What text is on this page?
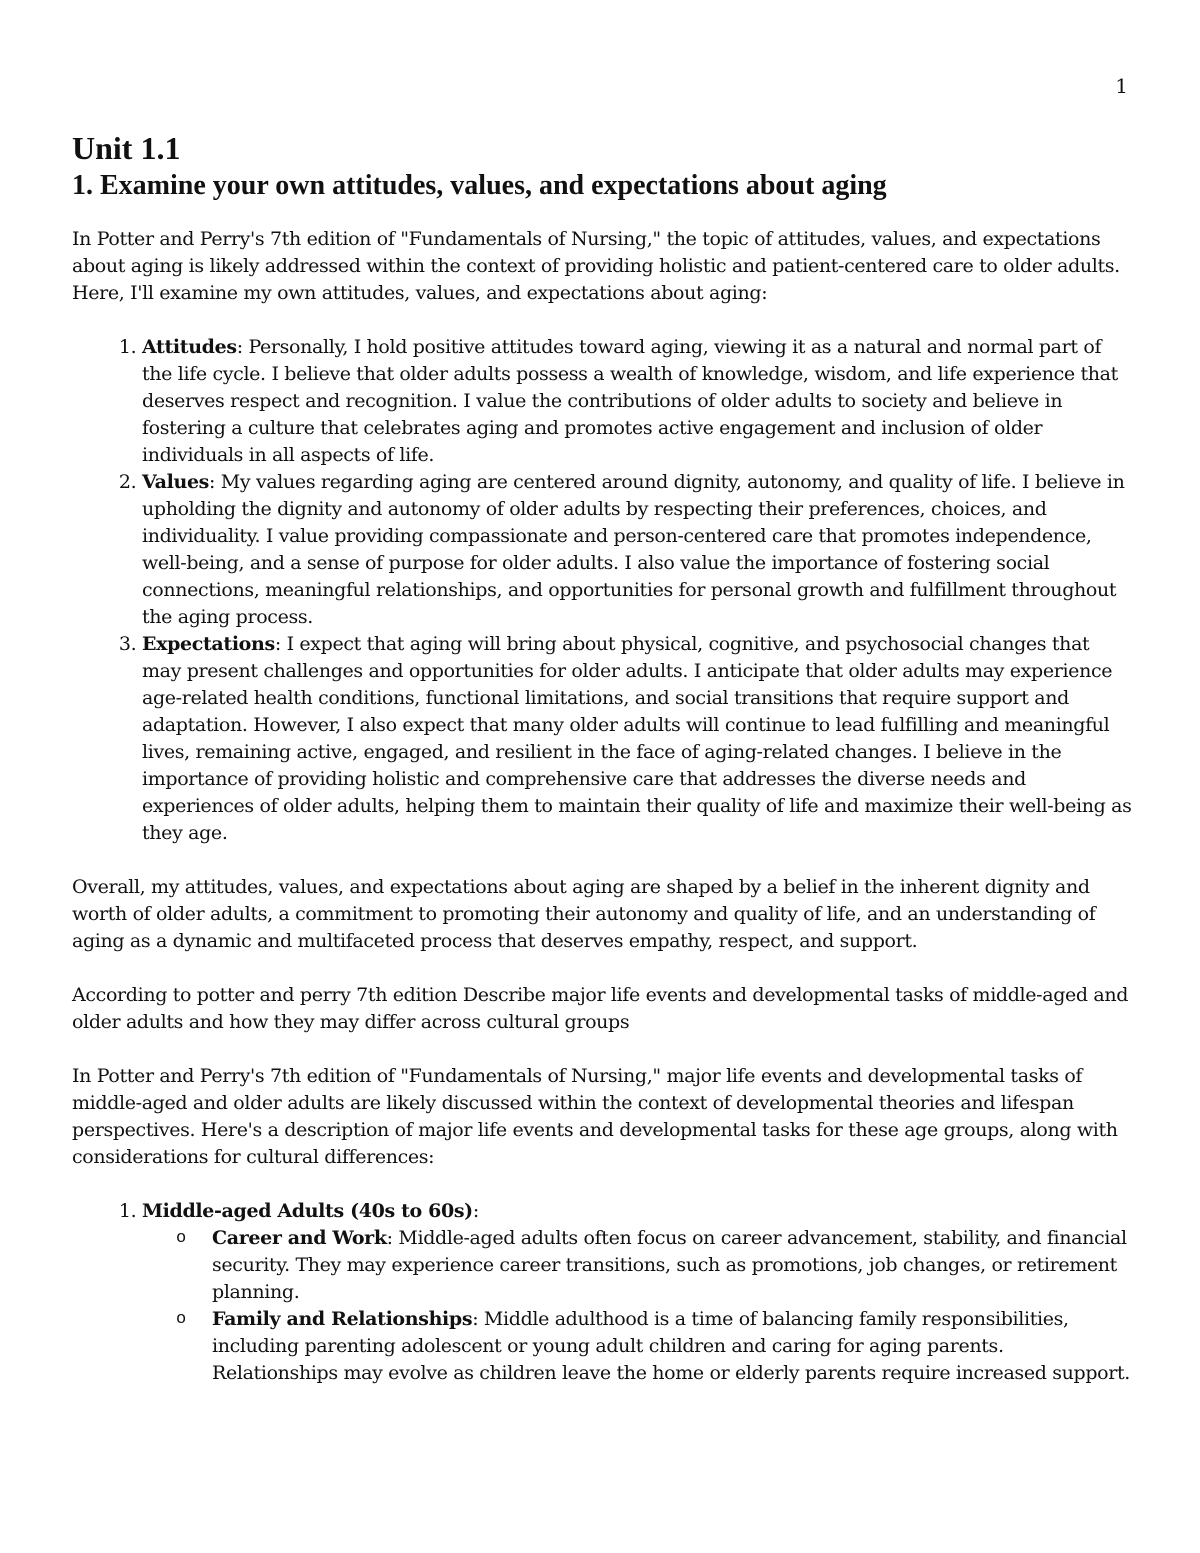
1
Unit 1.1
1. Examine your own attitudes, values, and expectations about aging

In Potter and Perry's 7th edition of "Fundamentals of Nursing," the topic of attitudes, values, and expectations about aging is likely addressed within the context of providing holistic and patient-centered care to older adults. Here, I'll examine my own attitudes, values, and expectations about aging:

1. Attitudes: Personally, I hold positive attitudes toward aging, viewing it as a natural and normal part of the life cycle. I believe that older adults possess a wealth of knowledge, wisdom, and life experience that deserves respect and recognition. I value the contributions of older adults to society and believe in fostering a culture that celebrates aging and promotes active engagement and inclusion of older individuals in all aspects of life.
2. Values: My values regarding aging are centered around dignity, autonomy, and quality of life. I believe in upholding the dignity and autonomy of older adults by respecting their preferences, choices, and individuality. I value providing compassionate and person-centered care that promotes independence, well-being, and a sense of purpose for older adults. I also value the importance of fostering social connections, meaningful relationships, and opportunities for personal growth and fulfillment throughout the aging process.
3. Expectations: I expect that aging will bring about physical, cognitive, and psychosocial changes that may present challenges and opportunities for older adults. I anticipate that older adults may experience age-related health conditions, functional limitations, and social transitions that require support and adaptation. However, I also expect that many older adults will continue to lead fulfilling and meaningful lives, remaining active, engaged, and resilient in the face of aging-related changes. I believe in the importance of providing holistic and comprehensive care that addresses the diverse needs and experiences of older adults, helping them to maintain their quality of life and maximize their well-being as they age.

Overall, my attitudes, values, and expectations about aging are shaped by a belief in the inherent dignity and worth of older adults, a commitment to promoting their autonomy and quality of life, and an understanding of aging as a dynamic and multifaceted process that deserves empathy, respect, and support.

According to potter and perry 7th edition Describe major life events and developmental tasks of middle-aged and older adults and how they may differ across cultural groups

In Potter and Perry's 7th edition of "Fundamentals of Nursing," major life events and developmental tasks of middle-aged and older adults are likely discussed within the context of developmental theories and lifespan perspectives. Here's a description of major life events and developmental tasks for these age groups, along with considerations for cultural differences:

1. Middle-aged Adults (40s to 60s):
o Career and Work: Middle-aged adults often focus on career advancement, stability, and financial security. They may experience career transitions, such as promotions, job changes, or retirement planning.
o Family and Relationships: Middle adulthood is a time of balancing family responsibilities, including parenting adolescent or young adult children and caring for aging parents. Relationships may evolve as children leave the home or elderly parents require increased support.
